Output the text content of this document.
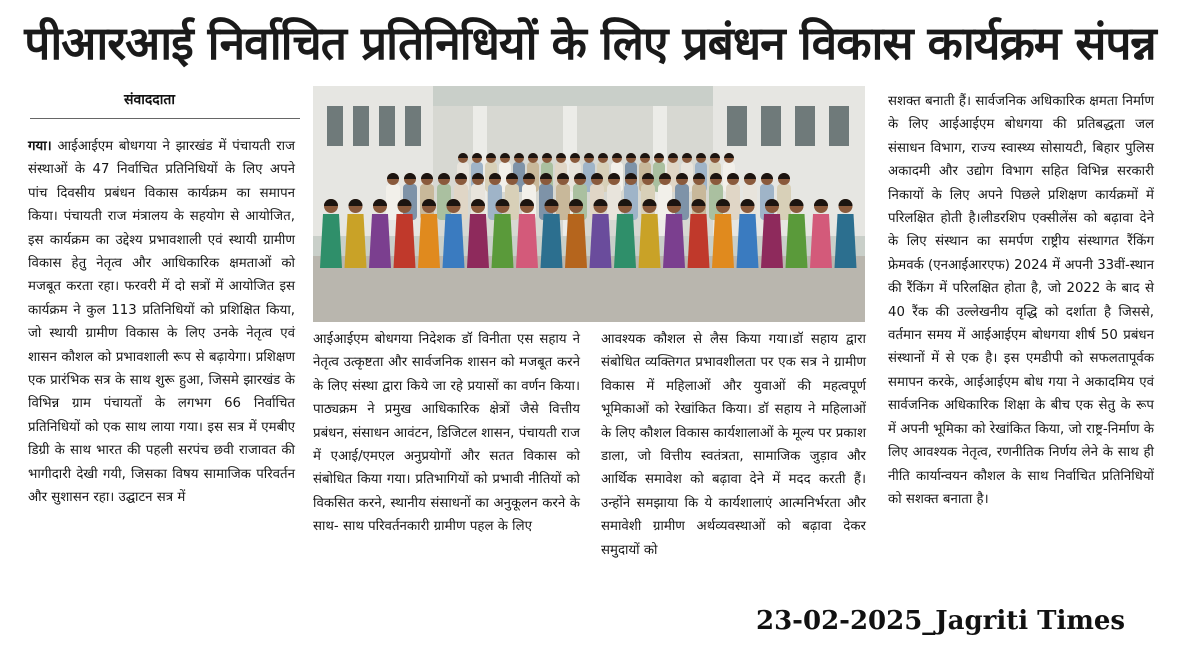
पीआरआई निर्वाचित प्रतिनिधियों के लिए प्रबंधन विकास कार्यक्रम संपन्न
संवाददाता

गया। आईआईएम बोधगया ने झारखंड में पंचायती राज संस्थाओं के 47 निर्वाचित प्रतिनिधियों के लिए अपने पांच दिवसीय प्रबंधन विकास कार्यक्रम का समापन किया। पंचायती राज मंत्रालय के सहयोग से आयोजित, इस कार्यक्रम का उद्देश्य प्रभावशाली एवं स्थायी ग्रामीण विकास हेतु नेतृत्व और आधिकारिक क्षमताओं को मजबूत करता रहा। फरवरी में दो सत्रों में आयोजित इस कार्यक्रम ने कुल 113 प्रतिनिधियों को प्रशिक्षित किया, जो स्थायी ग्रामीण विकास के लिए उनके नेतृत्व एवं शासन कौशल को प्रभावशाली रूप से बढ़ायेगा। प्रशिक्षण एक प्रारंभिक सत्र के साथ शुरू हुआ, जिसमे झारखंड के विभिन्न ग्राम पंचायतों के लगभग 66 निर्वाचित प्रतिनिधियों को एक साथ लाया गया। इस सत्र में एमबीए डिग्री के साथ भारत की पहली सरपंच छवी राजावत की भागीदारी देखी गयी, जिसका विषय सामाजिक परिवर्तन और सुशासन रहा। उद्घाटन सत्र में

आईआईएम बोधगया निदेशक डॉ विनीता एस सहाय ने नेतृत्व उत्कृष्टता और सार्वजनिक शासन को मजबूत करने के लिए संस्था द्वारा किये जा रहे प्रयासों का वर्णन किया। पाठ्यक्रम ने प्रमुख आधिकारिक क्षेत्रों जैसे वित्तीय प्रबंधन, संसाधन आवंटन, डिजिटल शासन, पंचायती राज में एआई/एमएल अनुप्रयोगों और सतत विकास को संबोधित किया गया। प्रतिभागियों को प्रभावी नीतियों को विकसित करने, स्थानीय संसाधनों का अनुकूलन करने के साथ- साथ परिवर्तनकारी ग्रामीण पहल के लिए

आवश्यक कौशल से लैस किया गया।डॉ सहाय द्वारा संबोधित व्यक्तिगत प्रभावशीलता पर एक सत्र ने ग्रामीण विकास में महिलाओं और युवाओं की महत्वपूर्ण भूमिकाओं को रेखांकित किया। डॉ सहाय ने महिलाओं के लिए कौशल विकास कार्यशालाओं के मूल्य पर प्रकाश डाला, जो वित्तीय स्वतंत्रता, सामाजिक जुड़ाव और आर्थिक समावेश को बढ़ावा देने में मदद करती हैं। उन्होंने समझाया कि ये कार्यशालाएं आत्मनिर्भरता और समावेशी ग्रामीण अर्थव्यवस्थाओं को बढ़ावा देकर समुदायों को

सशक्त बनाती हैं। सार्वजनिक अधिकारिक क्षमता निर्माण के लिए आईआईएम बोधगया की प्रतिबद्धता जल संसाधन विभाग, राज्य स्वास्थ्य सोसायटी, बिहार पुलिस अकादमी और उद्योग विभाग सहित विभिन्न सरकारी निकायों के लिए अपने पिछले प्रशिक्षण कार्यक्रमों में परिलक्षित होती है।लीडरशिप एक्सीलेंस को बढ़ावा देने के लिए संस्थान का समर्पण राष्ट्रीय संस्थागत रैंकिंग फ्रेमवर्क (एनआईआरएफ) 2024 में अपनी 33वीं-स्थान की रैंकिंग में परिलक्षित होता है, जो 2022 के बाद से 40 रैंक की उल्लेखनीय वृद्धि को दर्शाता है जिससे, वर्तमान समय में आईआईएम बोधगया शीर्ष 50 प्रबंधन संस्थानों में से एक है। इस एमडीपी को सफलतापूर्वक समापन करके, आईआईएम बोध गया ने अकादमिय एवं सार्वजनिक अधिकारिक शिक्षा के बीच एक सेतु के रूप में अपनी भूमिका को रेखांकित किया, जो राष्ट्र-निर्माण के लिए आवश्यक नेतृत्व, रणनीतिक निर्णय लेने के साथ ही नीति कार्यान्वयन कौशल के साथ निर्वाचित प्रतिनिधियों को सशक्त बनाता है।

23-02-2025_Jagriti Times
